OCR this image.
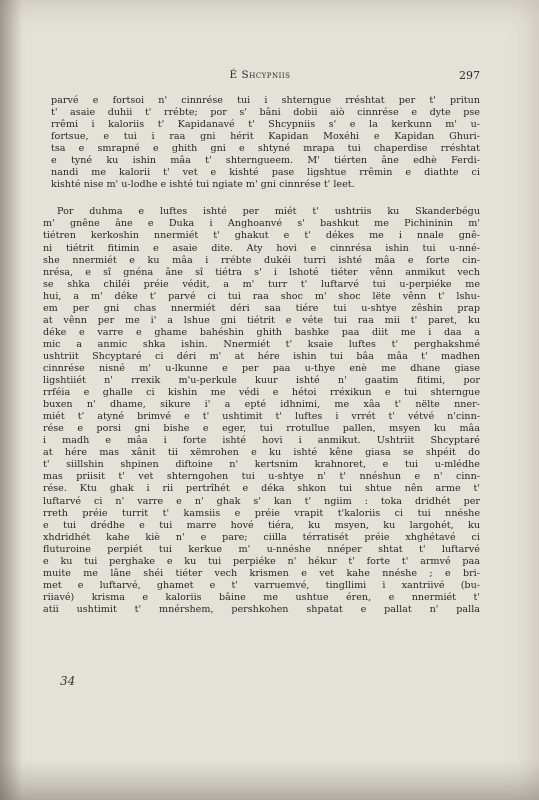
É Shcypniis	297

parvé e fortsoi n' cinnrése tui i shterngue rréshtat per t' pritun
t' asaie duhii t' rrébte; por s' bâni dobii aiò cinnrése e dyte pse
rrêmi i kaloriis t' Kapidanavé t' Shcypniis s' e la kerkunn m' u-
fortsue, e tui i raa gni hérit Kapidan Moxéhi e Kapidan Ghuri-
tsa e smrapné e ghith gni e shtyné mrapa tui chaperdise rréshtat
e tyné ku ishin mâa t' shterngueem. M' tiérten âne edhè Ferdi-
nandi me kalorii t' vet e kishté pase ligshtue rrêmin e diathte ci
kishté nise m' u-lodhe e ishté tui ngiate m' gni cinnrése t' leet.

Por duhma e luftes ishté per miét t' ushtriis ku Skanderbégu
m' gnêne âne e Duka i Anghoanvé s' bashkut me Pichininin m'
tiétren kerkoshin nnermiét t' ghakut e t' dékes me i nnale gnê-
ni tiétrit fitimin e asaie dite. Aty hovi e cinnrésa ishin tui u-nné-
she nnermiét e ku mâa i rrébte dukéi turri ishté mâa e forte cin-
nrésa, e sî gnéna âne sî tiétra s' i lshoté tiéter vênn anmikut vech
se shka chiléi préie védit, a m' turr t' luftarvé tui u-perpiéke me
hui, a m' déke t' parvé ci tui raa shoc m' shoc lëte vênn t' lshu-
em per gni chas nnermiét déri saa tiére tui u-shtye zêshin prap
at vênn per me i' a lshue gni tiétrit e véte tui raa mii t' paret, ku
déke e varre e ghame bahéshin ghith bashke paa diit me i daa a
mic a anmic shka ishin. Nnermiét t' ksaie luftes t' perghakshmé
ushtriit Shcyptaré ci déri m' at hére ishin tui bâa mâa t' madhen
cinnrése nisné m' u-lkunne e per paa u-thye enè me dhane giase
ligshtiiét n' rrexik m'u-perkule kuur ishté n' gaatim fitimi, por
rrféia e ghalle ci kishin me védi e hétoi rréxikun e tui shterngue
buxen n' dhame, sikure i' a epté idhnimi, me xâa t' nëlte nner-
miét t' atyné brimvé e t' ushtimit t' luftes i vrrét t' vétvé n'cinn-
rése e porsi gni bishe e eger, tui rrotullue pallen, msyen ku mâa
i madh e mâa i forte ishté hovi i anmikut. Ushtriit Shcyptaré
at hére mas xânit tii xëmrohen e ku ishté kêne giasa se shpéit do
t' siillshin shpinen diftoine n' kertsnim krahnoret, e tui u-mlédhe
mas priisit t' vet shterngohen tui u-shtye n' t' nnéshun e n' cinn-
rése. Ktu ghak i rii pertrîhét e déka shkon tui shtue nên arme t'
luftarvé ci n' varre e n' ghak s' kan t' ngiim : toka dridhét per
rreth préie turrit t' kamsiis e préie vrapit t'kaloriis ci tui nnéshe
e tui drédhe e tui marre hové tiéra, ku msyen, ku largohét, ku
xhdridhét kahe kiè n' e pare; ciilla térratisét préie xhghétavé ci
fluturoine perpiét tui kerkue m' u-nnéshe nnéper shtat t' luftarvé
e ku tui perghake e ku tui perpiéke n' hékur t' forte t' armvé paa
muite me lâne shéi tiéter vech krismen e vet kahe nnéshe ; e bri-
met e luftarvé, ghamet e t' varruemvé, tingllimi i xantriivé (bu-
riiavé) krisma e kaloriis bâine me ushtue éren, e nnermiét t'
atii ushtimit t' mnérshem, pershkohen shpatat e pallat n' palla

34
